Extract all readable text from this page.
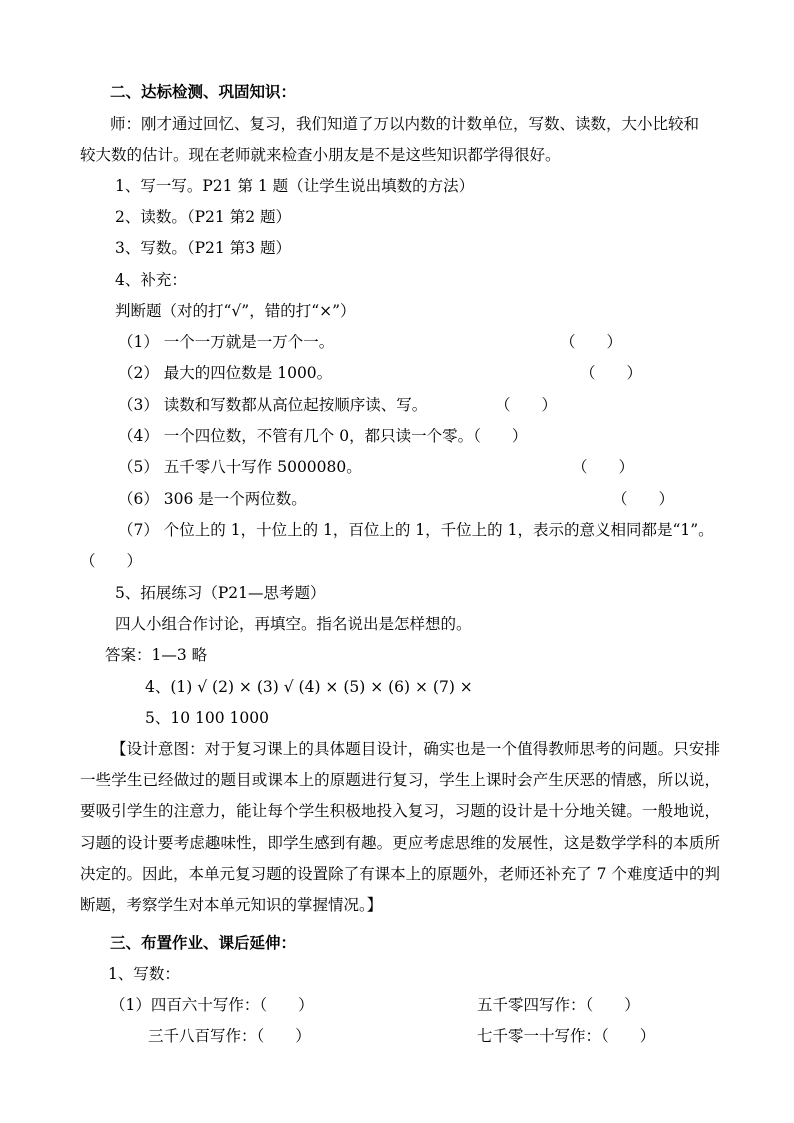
二、达标检测、巩固知识：
师：刚才通过回忆、复习，我们知道了万以内数的计数单位，写数、读数，大小比较和
较大数的估计。现在老师就来检查小朋友是不是这些知识都学得很好。
1、写一写。P21 第 1 题（让学生说出填数的方法）
2、读数。（P21 第2 题）
3、写数。（P21 第3 题）
4、补充：
判断题（对的打“√”，错的打“×”）
（1） 一个一万就是一万个一。	（　　）
（2） 最大的四位数是 1000。	（　　）
（3） 读数和写数都从高位起按顺序读、写。	（　　）
（4） 一个四位数，不管有几个 0，都只读一个零。（　　）
（5） 五千零八十写作 5000080。	（　　）
（6） 306 是一个两位数。	（　　）
（7） 个位上的 1，十位上的 1，百位上的 1，千位上的 1，表示的意义相同都是“1”。
（　　）
5、拓展练习（P21—思考题）
四人小组合作讨论，再填空。指名说出是怎样想的。
答案：1—3 略
4、(1) √ (2) × (3) √ (4) × (5) × (6) × (7) ×
5、10 100 1000
【设计意图：对于复习课上的具体题目设计，确实也是一个值得教师思考的问题。只安排一些学生已经做过的题目或课本上的原题进行复习，学生上课时会产生厌恶的情感，所以说，要吸引学生的注意力，能让每个学生积极地投入复习，习题的设计是十分地关键。一般地说，习题的设计要考虑趣味性，即学生感到有趣。更应考虑思维的发展性，这是数学学科的本质所决定的。因此，本单元复习题的设置除了有课本上的原题外，老师还补充了 7 个难度适中的判断题，考察学生对本单元知识的掌握情况。】
三、布置作业、课后延伸：
1、写数：
（1）四百六十写作：（　　）	五千零四写作：（　　）
三千八百写作：（　　）	七千零一十写作：（　　）
